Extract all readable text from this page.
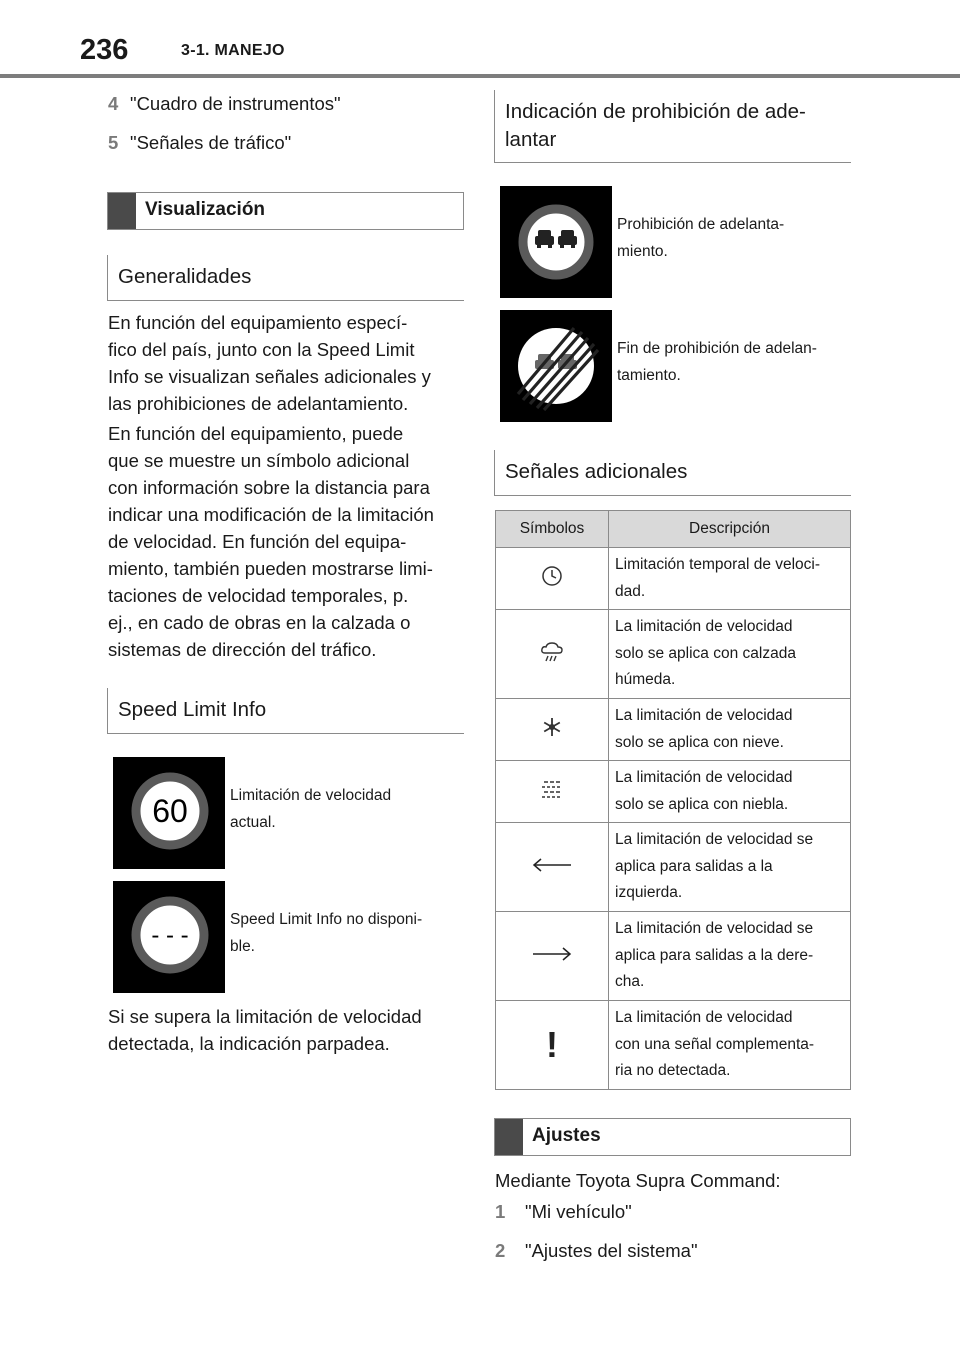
236	3-1. MANEJO
4 "Cuadro de instrumentos"
5 "Señales de tráfico"
Visualización
Generalidades
En función del equipamiento especí-
fico del país, junto con la Speed Limit
Info se visualizan señales adicionales y
las prohibiciones de adelantamiento.
En función del equipamiento, puede
que se muestre un símbolo adicional
con información sobre la distancia para
indicar una modificación de la limitación
de velocidad. En función del equipa-
miento, también pueden mostrarse limi-
taciones de velocidad temporales, p.
ej., en cado de obras en la calzada o
sistemas de dirección del tráfico.
Speed Limit Info
60	Limitación de velocidad
actual.
- - -
Speed Limit Info no disponi-
ble.
Si se supera la limitación de velocidad
detectada, la indicación parpadea.
Indicación de prohibición de ade-
lantar
Prohibición de adelanta-
miento.
Fin de prohibición de adelan-
tamiento.
Señales adicionales
Símbolos	Descripción

Limitación temporal de veloci-
dad.

La limitación de velocidad
solo se aplica con calzada
húmeda.

La limitación de velocidad
solo se aplica con nieve.

La limitación de velocidad
solo se aplica con niebla.

La limitación de velocidad se
aplica para salidas a la
izquierda.

La limitación de velocidad se
aplica para salidas a la dere-
cha.

!	La limitación de velocidad
con una señal complementa-
ria no detectada.
Ajustes
Mediante Toyota Supra Command:
1 "Mi vehículo"
2 "Ajustes del sistema"
